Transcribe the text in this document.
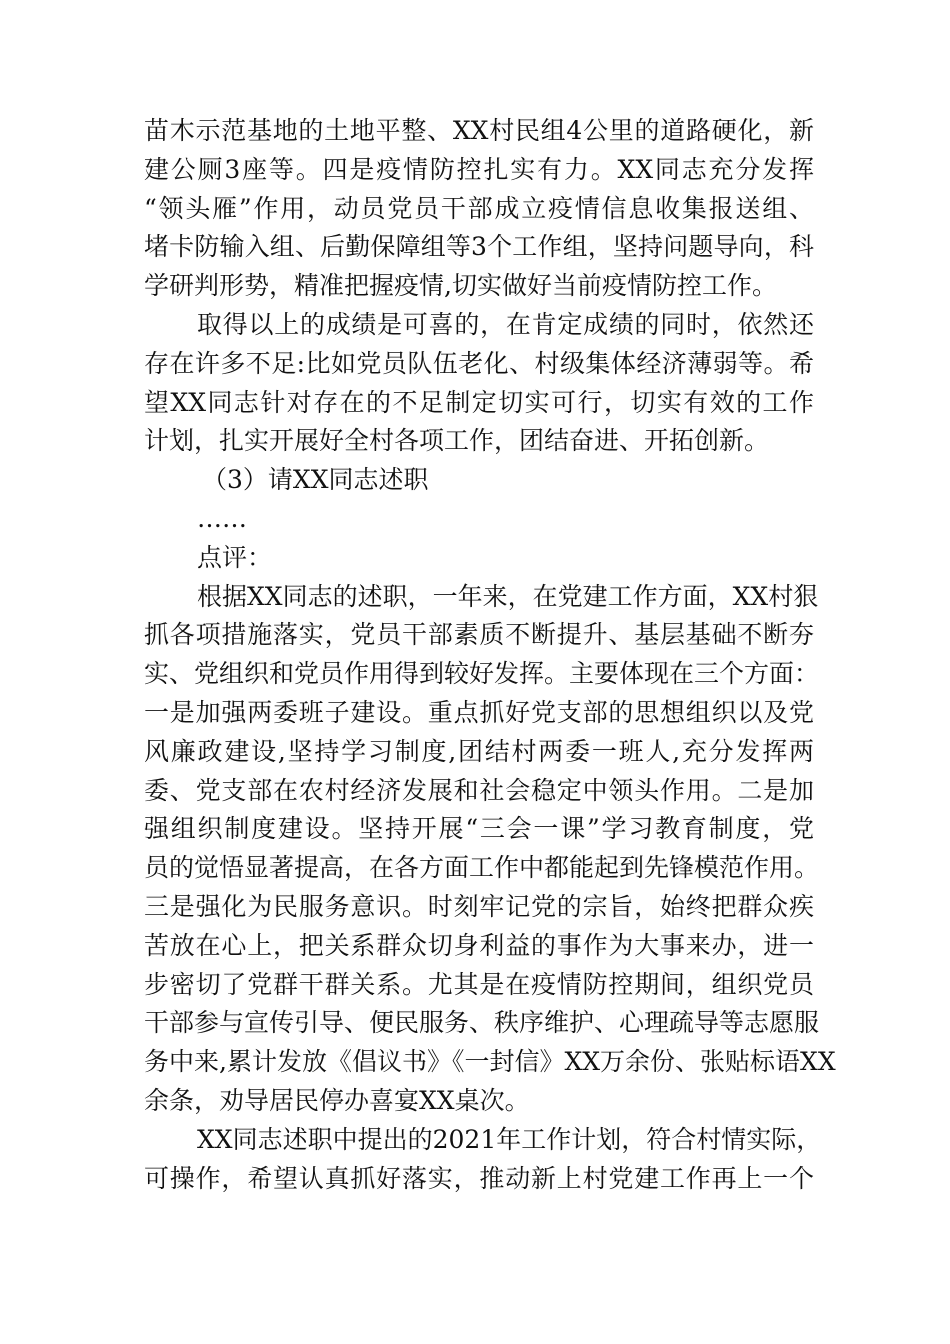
苗木示范基地的土地平整、XX村民组4公里的道路硬化，新
建公厕3座等。四是疫情防控扎实有力。XX同志充分发挥
“领头雁”作用，动员党员干部成立疫情信息收集报送组、
堵卡防输入组、后勤保障组等3个工作组，坚持问题导向，科
学研判形势，精准把握疫情,切实做好当前疫情防控工作。
取得以上的成绩是可喜的，在肯定成绩的同时，依然还
存在许多不足:比如党员队伍老化、村级集体经济薄弱等。希
望XX同志针对存在的不足制定切实可行，切实有效的工作
计划，扎实开展好全村各项工作，团结奋进、开拓创新。
（3）请XX同志述职
……
点评：
根据XX同志的述职，一年来，在党建工作方面，XX村狠
抓各项措施落实，党员干部素质不断提升、基层基础不断夯
实、党组织和党员作用得到较好发挥。主要体现在三个方面：
一是加强两委班子建设。重点抓好党支部的思想组织以及党
风廉政建设,坚持学习制度,团结村两委一班人,充分发挥两
委、党支部在农村经济发展和社会稳定中领头作用。二是加
强组织制度建设。坚持开展“三会一课”学习教育制度，党
员的觉悟显著提高，在各方面工作中都能起到先锋模范作用。
三是强化为民服务意识。时刻牢记党的宗旨，始终把群众疾
苦放在心上，把关系群众切身利益的事作为大事来办，进一
步密切了党群干群关系。尤其是在疫情防控期间，组织党员
干部参与宣传引导、便民服务、秩序维护、心理疏导等志愿服
务中来,累计发放《倡议书》《一封信》XX万余份、张贴标语XX
余条，劝导居民停办喜宴XX桌次。
XX同志述职中提出的2021年工作计划，符合村情实际，
可操作，希望认真抓好落实，推动新上村党建工作再上一个
